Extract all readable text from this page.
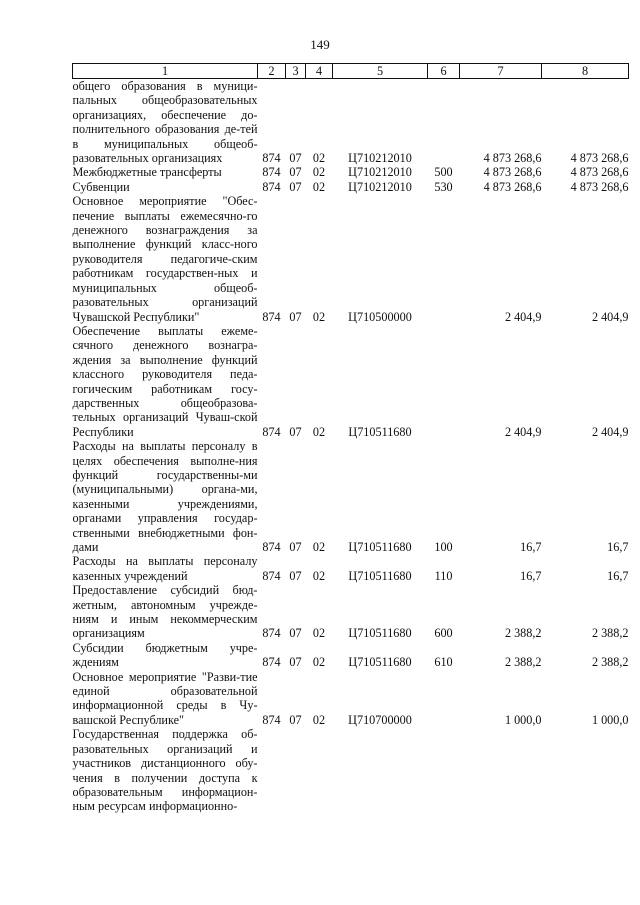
149
1	2	3	4	5	6	7	8
общего образования в муници-пальных общеобразовательных организациях, обеспечение до-полнительного образования де-тей в муниципальных общеоб-разовательных организациях	874	07	02	Ц710212010		4 873 268,6	4 873 268,6
Межбюджетные трансферты	874	07	02	Ц710212010	500	4 873 268,6	4 873 268,6
Субвенции	874	07	02	Ц710212010	530	4 873 268,6	4 873 268,6
Основное мероприятие "Обес-печение выплаты ежемесячно-го денежного вознаграждения за выполнение функций класс-ного руководителя педагогиче-ским работникам государствен-ных и муниципальных общеоб-разовательных организаций Чувашской Республики"	874	07	02	Ц710500000		2 404,9	2 404,9
Обеспечение выплаты ежеме-сячного денежного вознагра-ждения за выполнение функций классного руководителя педа-гогическим работникам госу-дарственных общеобразова-тельных организаций Чуваш-ской Республики	874	07	02	Ц710511680		2 404,9	2 404,9
Расходы на выплаты персоналу в целях обеспечения выполне-ния функций государственны-ми (муниципальными) органа-ми, казенными учреждениями, органами управления государ-ственными внебюджетными фон-дами	874	07	02	Ц710511680	100	16,7	16,7
Расходы на выплаты персоналу казенных учреждений	874	07	02	Ц710511680	110	16,7	16,7
Предоставление субсидий бюд-жетным, автономным учрежде-ниям и иным некоммерческим организациям	874	07	02	Ц710511680	600	2 388,2	2 388,2
Субсидии бюджетным учре-ждениям	874	07	02	Ц710511680	610	2 388,2	2 388,2
Основное мероприятие "Разви-тие единой образовательной информационной среды в Чу-вашской Республике"	874	07	02	Ц710700000		1 000,0	1 000,0
Государственная поддержка об-разовательных организаций и участников дистанционного обу-чения в получении доступа к образовательным информацион-ным ресурсам информационно-							
